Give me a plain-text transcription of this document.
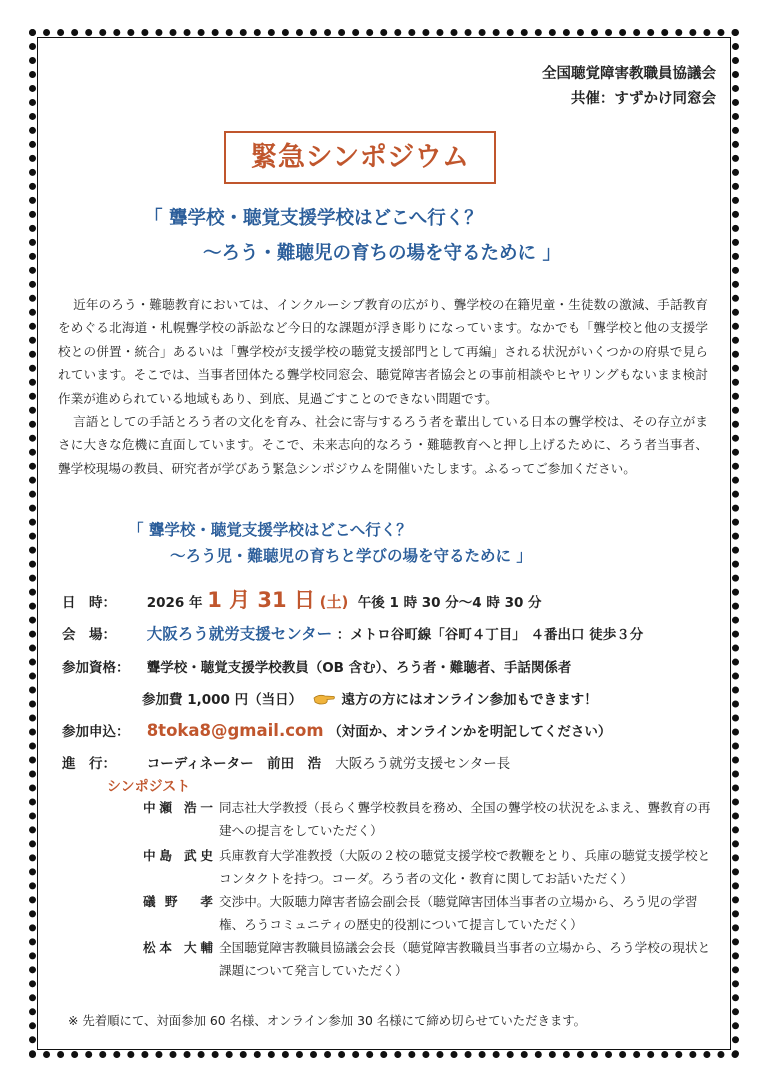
全国聴覚障害教職員協議会
共催：すずかけ同窓会
緊急シンポジウム
「 聾学校・聴覚支援学校はどこへ行く？
～ろう・難聴児の育ちの場を守るために 」

近年のろう・難聴教育においては、インクルーシブ教育の広がり、聾学校の在籍児童・生徒数の激減、手話教育をめぐる北海道・札幌聾学校の訴訟など今日的な課題が浮き彫りになっています。なかでも「聾学校と他の支援学校との併置・統合」あるいは「聾学校が支援学校の聴覚支援部門として再編」される状況がいくつかの府県で見られています。そこでは、当事者団体たる聾学校同窓会、聴覚障害者協会との事前相談やヒヤリングもないまま検討作業が進められている地域もあり、到底、見過ごすことのできない問題です。

言語としての手話とろう者の文化を育み、社会に寄与するろう者を輩出している日本の聾学校は、その存立がまさに大きな危機に直面しています。そこで、未来志向的なろう・難聴教育へと押し上げるために、ろう者当事者、聾学校現場の教員、研究者が学びあう緊急シンポジウムを開催いたします。ふるってご参加ください。

「 聾学校・聴覚支援学校はどこへ行く？
～ろう児・難聴児の育ちと学びの場を守るために 」
日　時： 2026 年 1 月 31 日 (土) 午後 1 時 30 分～4 時 30 分
会　場： 大阪ろう就労支援センター ：メトロ谷町線「谷町４丁目」 ４番出口 徒歩３分
参加資格： 聾学校・聴覚支援学校教員（OB 含む）、ろう者・難聴者、手話関係者
参加費 1,000 円（当日）	遠方の方にはオンライン参加もできます！
参加申込： 8toka8@gmail.com （対面か、オンラインかを明記してください）
進　行： コーディネーター　前田　浩 大阪ろう就労支援センター長
シンポジスト
中瀬 浩一 同志社大学教授（長らく聾学校教員を務め、全国の聾学校の状況をふまえ、聾教育の再建への提言をしていただく）
中島 武史 兵庫教育大学准教授（大阪の２校の聴覚支援学校で教鞭をとり、兵庫の聴覚支援学校とコンタクトを持つ。コーダ。ろう者の文化・教育に関してお話いただく）
礒野 孝 交渉中。大阪聴力障害者協会副会長（聴覚障害団体当事者の立場から、ろう児の学習権、ろうコミュニティの歴史的役割について提言していただく）
松本 大輔 全国聴覚障害教職員協議会会長（聴覚障害教職員当事者の立場から、ろう学校の現状と課題について発言していただく）
※ 先着順にて、対面参加 60 名様、オンライン参加 30 名様にて締め切らせていただきます。
